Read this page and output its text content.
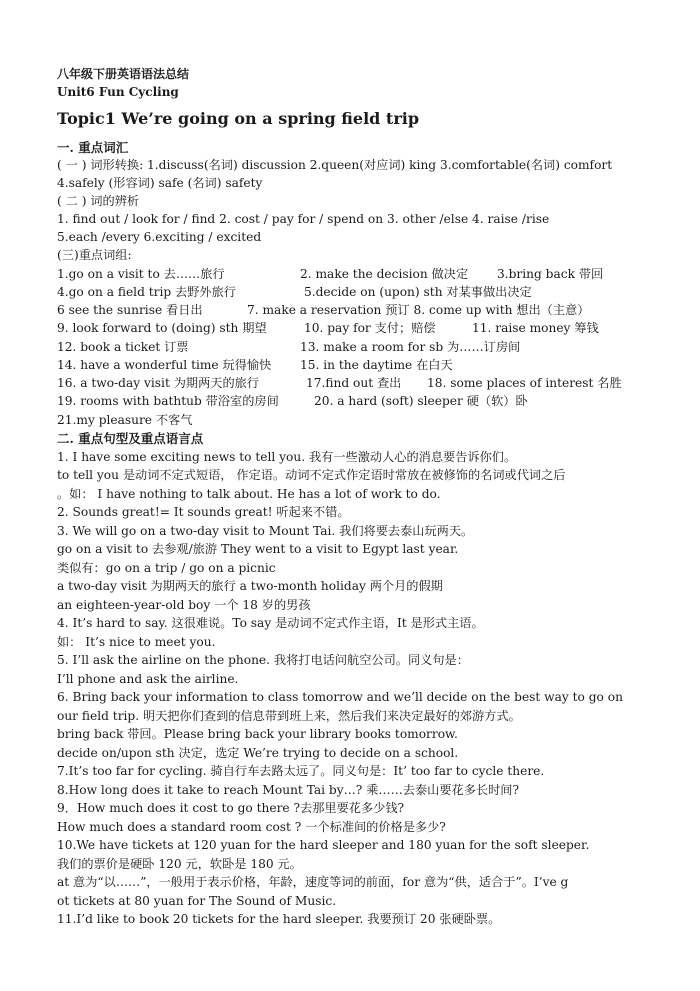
八年级下册英语语法总结
Unit6 Fun Cycling
Topic1 We’re going on a spring field trip
一. 重点词汇
( 一 ) 词形转换: 1.discuss(名词) discussion 2.queen(对应词) king 3.comfortable(名词) comfort
4.safely (形容词) safe (名词) safety
( 二 ) 词的辨析
1. find out / look for / find 2. cost / pay for / spend on 3. other /else 4. raise /rise
5.each /every 6.exciting / excited
(三)重点词组:
1.go on a visit to 去……旅行	2. make the decision 做决定 3.bring back 带回
4.go on a field trip 去野外旅行	5.decide on (upon) sth 对某事做出决定
6 see the sunrise 看日出	7. make a reservation 预订 8. come up with 想出（主意）
9. look forward to (doing) sth 期望	10. pay for 支付；赔偿	11. raise money 筹钱
12. book a ticket 订票	13. make a room for sb 为……订房间
14. have a wonderful time 玩得愉快 15. in the daytime 在白天
16. a two-day visit 为期两天的旅行	17.find out 查出 18. some places of interest 名胜
19. rooms with bathtub 带浴室的房间	20. a hard (soft) sleeper 硬（软）卧
21.my pleasure 不客气
二. 重点句型及重点语言点
1. I have some exciting news to tell you. 我有一些激动人心的消息要告诉你们。
to tell you 是动词不定式短语， 作定语。动词不定式作定语时常放在被修饰的名词或代词之后
。如： I have nothing to talk about. He has a lot of work to do.
2. Sounds great!= It sounds great! 听起来不错。
3. We will go on a two-day visit to Mount Tai. 我们将要去泰山玩两天。
go on a visit to 去参观/旅游 They went to a visit to Egypt last year.
类似有：go on a trip / go on a picnic
a two-day visit 为期两天的旅行 a two-month holiday 两个月的假期
an eighteen-year-old boy 一个 18 岁的男孩
4. It’s hard to say. 这很难说。To say 是动词不定式作主语，It 是形式主语。
如： It’s nice to meet you.
5. I’ll ask the airline on the phone. 我将打电话问航空公司。同义句是：
I’ll phone and ask the airline.
6. Bring back your information to class tomorrow and we’ll decide on the best way to go on
our field trip. 明天把你们查到的信息带到班上来，然后我们来决定最好的郊游方式。
bring back 带回。Please bring back your library books tomorrow.
decide on/upon sth 决定，选定 We’re trying to decide on a school.
7.It’s too far for cycling. 骑自行车去路太远了。同义句是：It’ too far to cycle there.
8.How long does it take to reach Mount Tai by…? 乘……去泰山要花多长时间?
9．How much does it cost to go there ?去那里要花多少钱?
How much does a standard room cost ? 一个标准间的价格是多少?
10.We have tickets at 120 yuan for the hard sleeper and 180 yuan for the soft sleeper.
我们的票价是硬卧 120 元，软卧是 180 元。
at 意为“以……”，一般用于表示价格，年龄，速度等词的前面，for 意为“供，适合于”。I’ve g
ot tickets at 80 yuan for The Sound of Music.
11.I’d like to book 20 tickets for the hard sleeper. 我要预订 20 张硬卧票。
